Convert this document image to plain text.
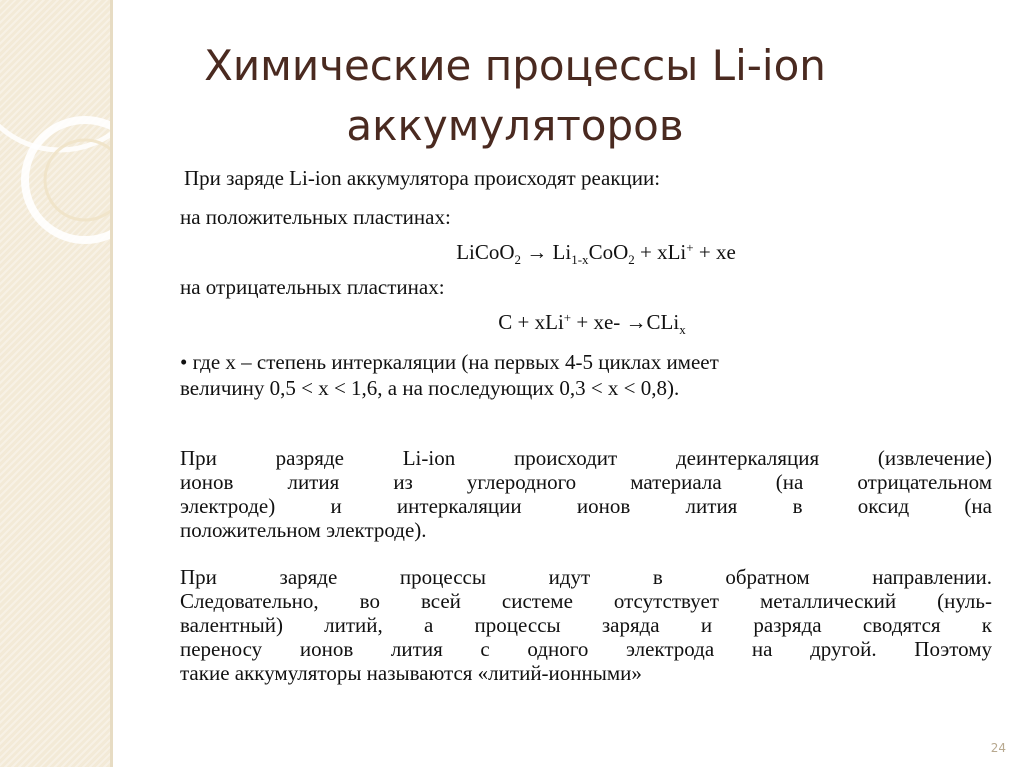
Химические процессы Li-ion
аккумуляторов
При заряде Li-ion аккумулятора происходят реакции:
на положительных пластинах:
LiCoO$_2$ → $Li_{1-x}CoO_2 + xLi^+$ + xe
на отрицательных пластинах:
C + xLi+ + xe- →CLi$_x$
• где x – степень интеркаляции (на первых 4-5 циклах имеет
величину 0,5 < x < 1,6, а на последующих 0,3 < x < 0,8).
При разряде Li-ion происходит деинтеркаляция (извлечение)
ионов лития из углеродного материала (на отрицательном
электроде) и интеркаляции ионов лития в оксид (на
положительном электроде).
При заряде процессы идут в обратном направлении.
Следовательно, во всей системе отсутствует металлический (нуль-
валентный) литий, а процессы заряда и разряда сводятся к
переносу ионов лития с одного электрода на другой. Поэтому
такие аккумуляторы называются «литий-ионными»
24
